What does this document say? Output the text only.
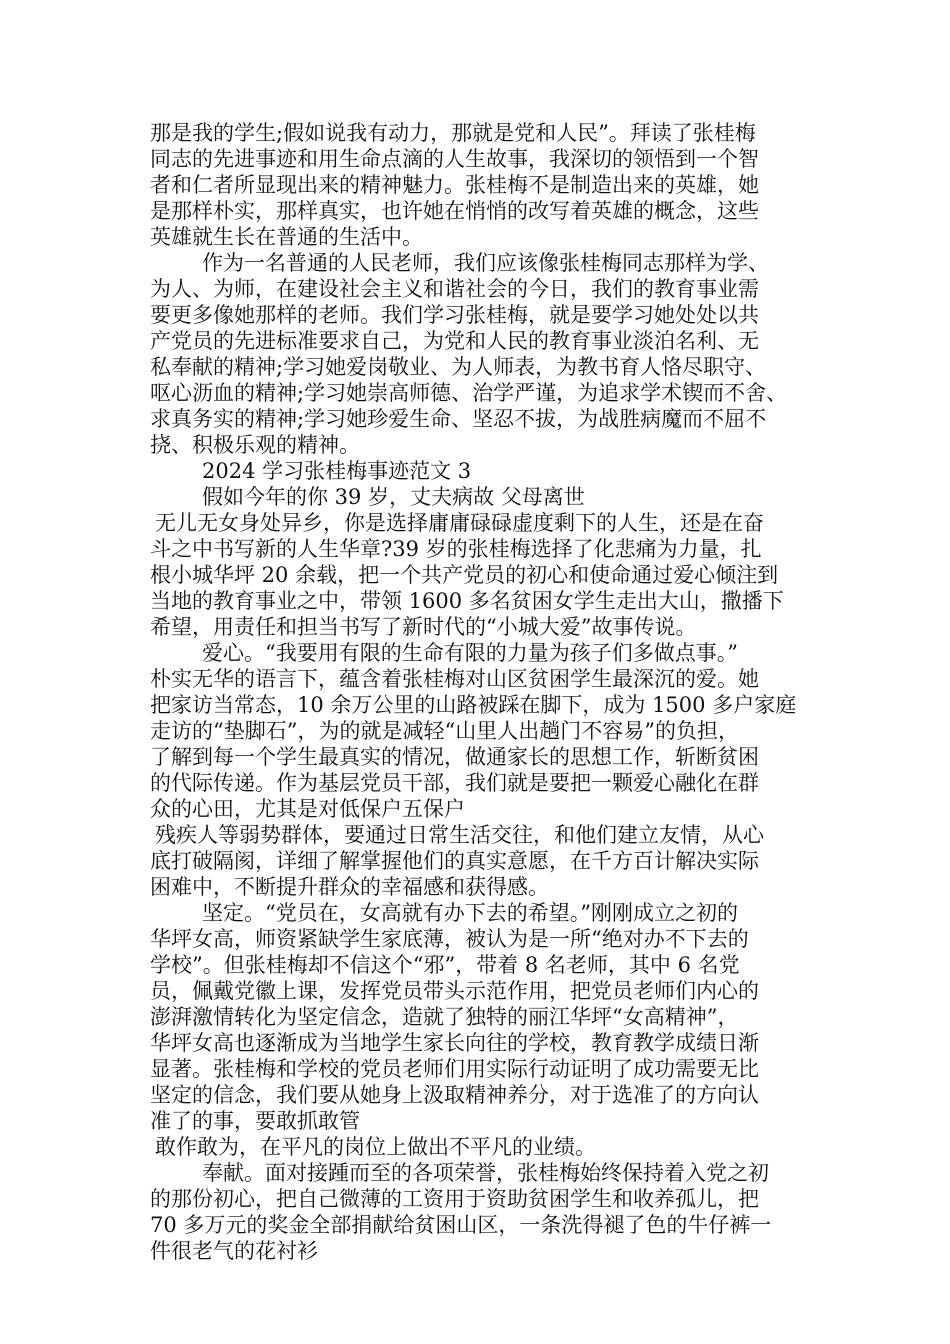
那是我的学生;假如说我有动力，那就是党和人民”。拜读了张桂梅
同志的先进事迹和用生命点滴的人生故事，我深切的领悟到一个智
者和仁者所显现出来的精神魅力。张桂梅不是制造出来的英雄，她
是那样朴实，那样真实，也许她在悄悄的改写着英雄的概念，这些
英雄就生长在普通的生活中。
作为一名普通的人民老师，我们应该像张桂梅同志那样为学、
为人、为师，在建设社会主义和谐社会的今日，我们的教育事业需
要更多像她那样的老师。我们学习张桂梅，就是要学习她处处以共
产党员的先进标准要求自己，为党和人民的教育事业淡泊名利、无
私奉献的精神;学习她爱岗敬业、为人师表，为教书育人恪尽职守、
呕心沥血的精神;学习她崇高师德、治学严谨，为追求学术锲而不舍、
求真务实的精神;学习她珍爱生命、坚忍不拔，为战胜病魔而不屈不
挠、积极乐观的精神。
2024 学习张桂梅事迹范文 3
假如今年的你 39 岁，丈夫病故 父母离世
无儿无女身处异乡，你是选择庸庸碌碌虚度剩下的人生，还是在奋
斗之中书写新的人生华章?39 岁的张桂梅选择了化悲痛为力量，扎
根小城华坪 20 余载，把一个共产党员的初心和使命通过爱心倾注到
当地的教育事业之中，带领 1600 多名贫困女学生走出大山，撒播下
希望，用责任和担当书写了新时代的“小城大爱”故事传说。
爱心。“我要用有限的生命有限的力量为孩子们多做点事。”
朴实无华的语言下，蕴含着张桂梅对山区贫困学生最深沉的爱。她
把家访当常态，10 余万公里的山路被踩在脚下，成为 1500 多户家庭
走访的“垫脚石”，为的就是减轻“山里人出趟门不容易”的负担，
了解到每一个学生最真实的情况，做通家长的思想工作，斩断贫困
的代际传递。作为基层党员干部，我们就是要把一颗爱心融化在群
众的心田，尤其是对低保户五保户
残疾人等弱势群体，要通过日常生活交往，和他们建立友情，从心
底打破隔阂，详细了解掌握他们的真实意愿，在千方百计解决实际
困难中，不断提升群众的幸福感和获得感。
坚定。“党员在，女高就有办下去的希望。”刚刚成立之初的
华坪女高，师资紧缺学生家底薄，被认为是一所“绝对办不下去的
学校”。但张桂梅却不信这个“邪”，带着 8 名老师，其中 6 名党
员，佩戴党徽上课，发挥党员带头示范作用，把党员老师们内心的
澎湃激情转化为坚定信念，造就了独特的丽江华坪“女高精神”，
华坪女高也逐渐成为当地学生家长向往的学校，教育教学成绩日渐
显著。张桂梅和学校的党员老师们用实际行动证明了成功需要无比
坚定的信念，我们要从她身上汲取精神养分，对于选准了的方向认
准了的事，要敢抓敢管
敢作敢为，在平凡的岗位上做出不平凡的业绩。
奉献。面对接踵而至的各项荣誉，张桂梅始终保持着入党之初
的那份初心，把自己微薄的工资用于资助贫困学生和收养孤儿，把
70 多万元的奖金全部捐献给贫困山区，一条洗得褪了色的牛仔裤一
件很老气的花衬衫
